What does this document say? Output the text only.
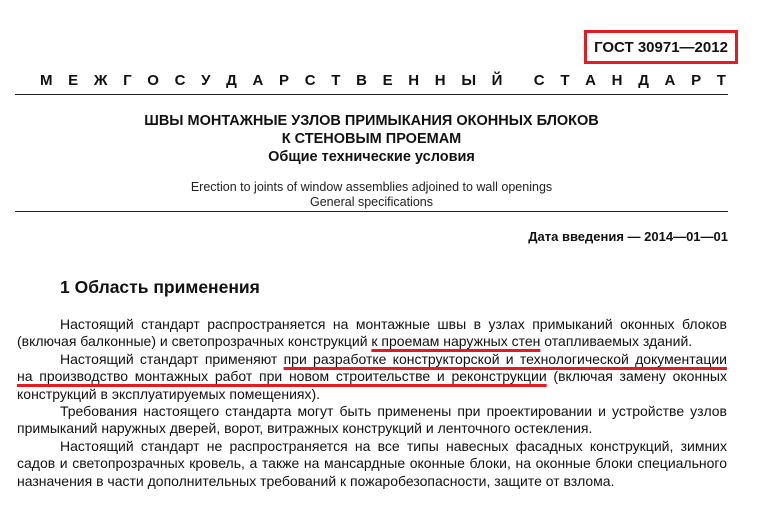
ГОСТ 30971—2012
М Е Ж Г О С У Д А Р С Т В Е Н Н Ы Й С Т А Н Д А Р Т
ШВЫ МОНТАЖНЫЕ УЗЛОВ ПРИМЫКАНИЯ ОКОННЫХ БЛОКОВ
К СТЕНОВЫМ ПРОЕМАМ
Общие технические условия
Erection to joints of window assemblies adjoined to wall openings
General specifications
Дата введения — 2014—01—01
1 Область применения

Настоящий стандарт распространяется на монтажные швы в узлах примыканий оконных блоков (включая балконные) и светопрозрачных конструкций к проемам наружных стен отапливаемых зданий.

Настоящий стандарт применяют при разработке конструкторской и технологической документации на производство монтажных работ при новом строительстве и реконструкции (включая замену оконных конструкций в эксплуатируемых помещениях).

Требования настоящего стандарта могут быть применены при проектировании и устройстве узлов примыканий наружных дверей, ворот, витражных конструкций и ленточного остекления.

Настоящий стандарт не распространяется на все типы навесных фасадных конструкций, зимних садов и светопрозрачных кровель, а также на мансардные оконные блоки, на оконные блоки специального назначения в части дополнительных требований к пожаробезопасности, защите от взлома.
